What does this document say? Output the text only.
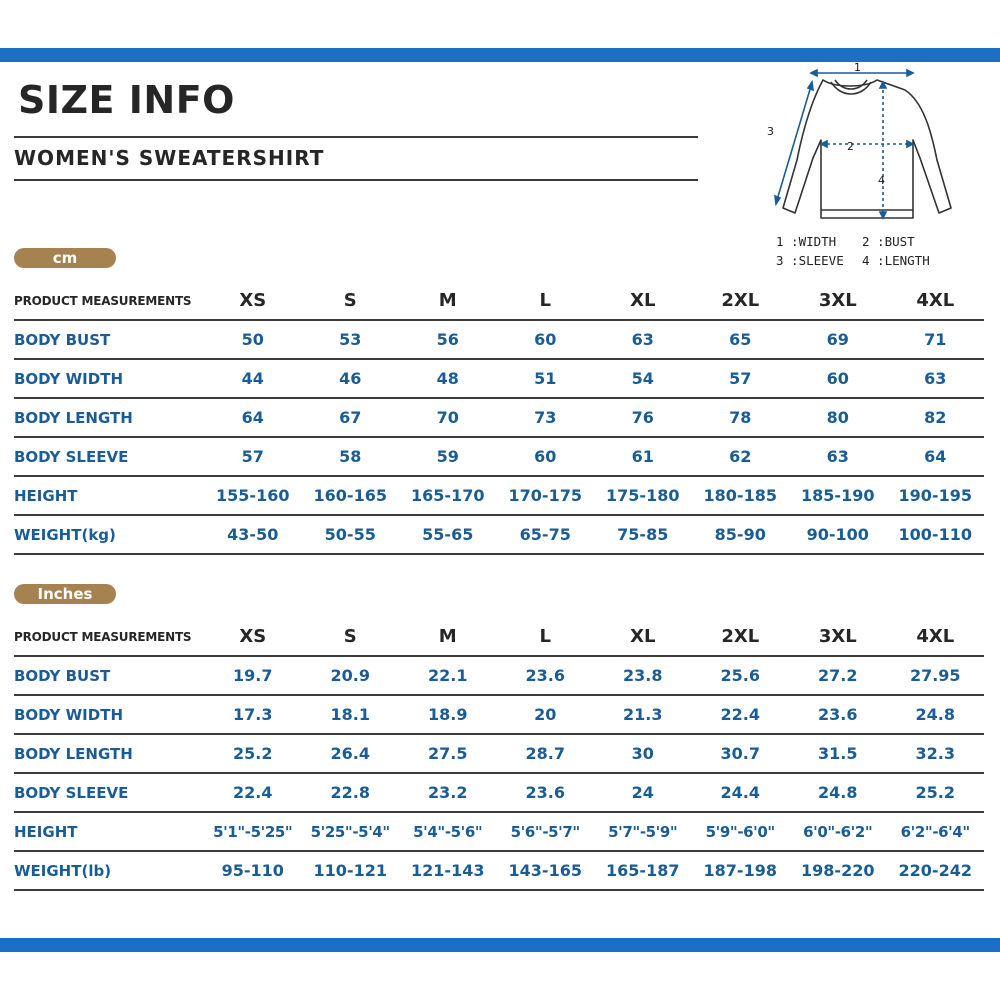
SIZE INFO
WOMEN'S SWEATERSHIRT
1
2
3
4
1 :WIDTH	2 :BUST
3 :SLEEVE	4 :LENGTH
cm
PRODUCT MEASUREMENTS	XS	S	M	L	XL	2XL	3XL	4XL
BODY BUST	50	53	56	60	63	65	69	71
BODY WIDTH	44	46	48	51	54	57	60	63
BODY LENGTH	64	67	70	73	76	78	80	82
BODY SLEEVE	57	58	59	60	61	62	63	64
HEIGHT	155-160	160-165	165-170	170-175	175-180	180-185	185-190	190-195
WEIGHT(kg)	43-50	50-55	55-65	65-75	75-85	85-90	90-100	100-110
Inches
PRODUCT MEASUREMENTS	XS	S	M	L	XL	2XL	3XL	4XL
BODY BUST	19.7	20.9	22.1	23.6	23.8	25.6	27.2	27.95
BODY WIDTH	17.3	18.1	18.9	20	21.3	22.4	23.6	24.8
BODY LENGTH	25.2	26.4	27.5	28.7	30	30.7	31.5	32.3
BODY SLEEVE	22.4	22.8	23.2	23.6	24	24.4	24.8	25.2
HEIGHT	5'1"-5'25"	5'25"-5'4"	5'4"-5'6"	5'6"-5'7"	5'7"-5'9"	5'9"-6'0"	6'0"-6'2"	6'2"-6'4"
WEIGHT(lb)	95-110	110-121	121-143	143-165	165-187	187-198	198-220	220-242
